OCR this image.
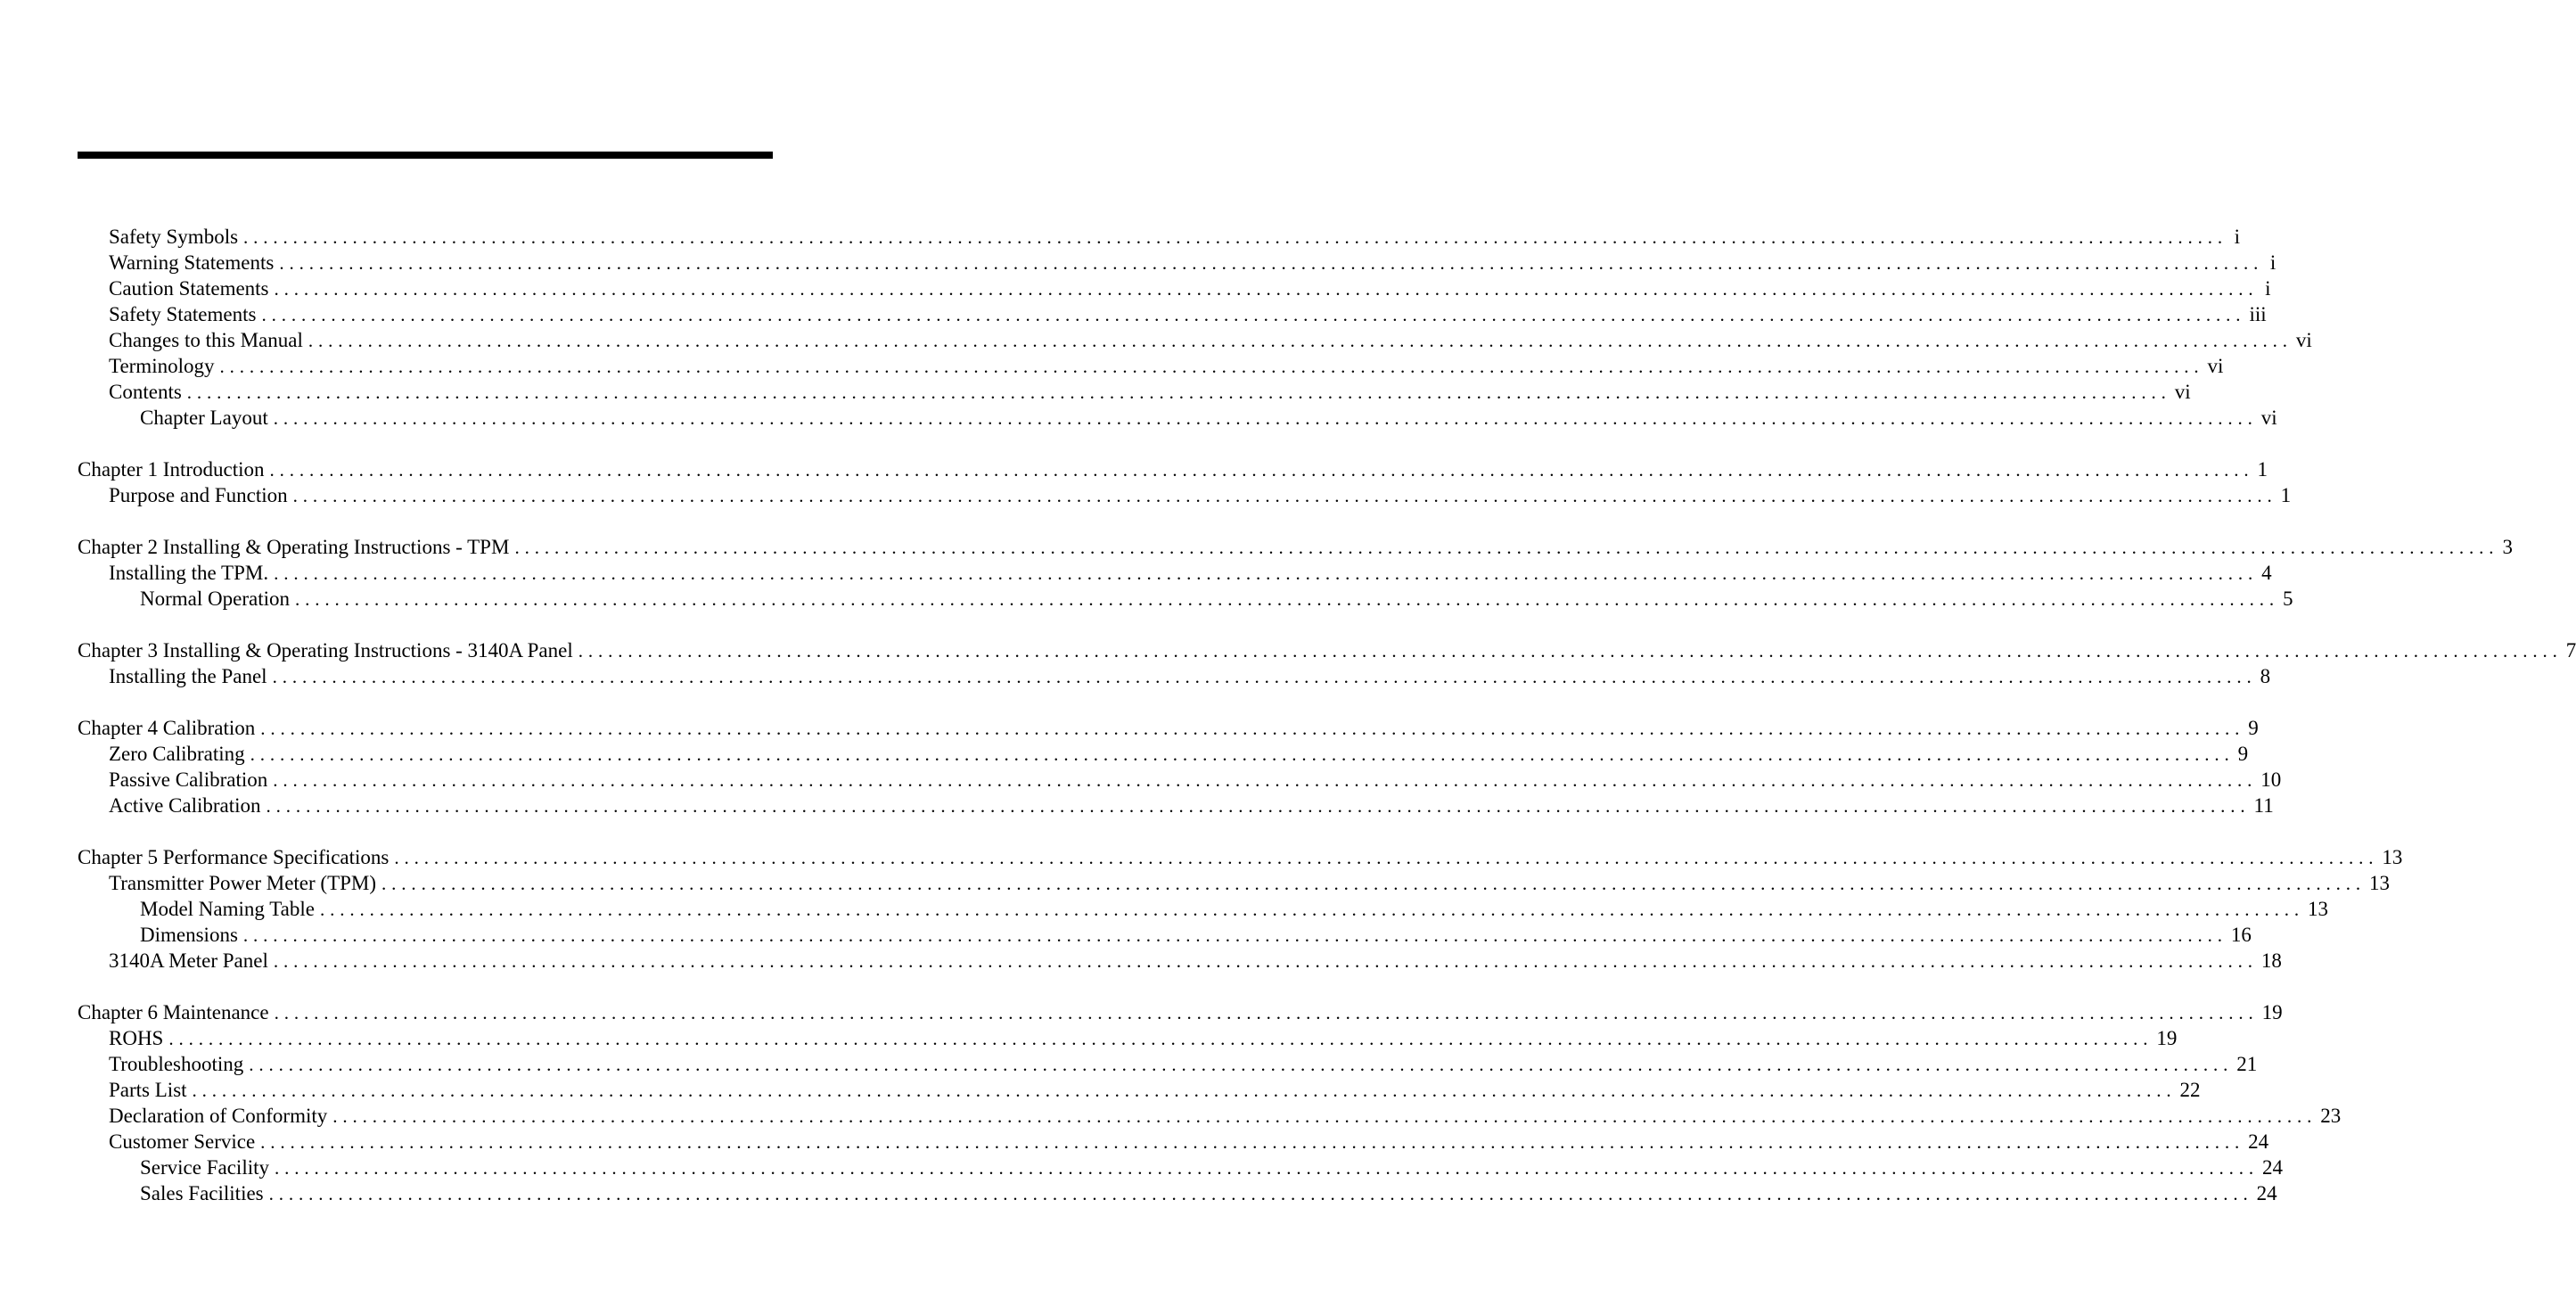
Safety Symbols ........................................................................................................................................................................................................ i
Warning Statements ........................................................................................................................................................................................................ i
Caution Statements ........................................................................................................................................................................................................ i
Safety Statements ........................................................................................................................................................................................................ iii
Changes to this Manual ........................................................................................................................................................................................................ vi
Terminology ........................................................................................................................................................................................................ vi
Contents ........................................................................................................................................................................................................ vi
Chapter Layout ........................................................................................................................................................................................................ vi
Chapter 1 Introduction ........................................................................................................................................................................................................ 1
Purpose and Function ........................................................................................................................................................................................................ 1
Chapter 2 Installing & Operating Instructions - TPM ........................................................................................................................................................................................................ 3
Installing the TPM. ........................................................................................................................................................................................................ 4
Normal Operation ........................................................................................................................................................................................................ 5
Chapter 3 Installing & Operating Instructions - 3140A Panel ........................................................................................................................................................................................................ 7
Installing the Panel ........................................................................................................................................................................................................ 8
Chapter 4 Calibration ........................................................................................................................................................................................................ 9
Zero Calibrating ........................................................................................................................................................................................................ 9
Passive Calibration ........................................................................................................................................................................................................ 10
Active Calibration ........................................................................................................................................................................................................ 11
Chapter 5 Performance Specifications ........................................................................................................................................................................................................ 13
Transmitter Power Meter (TPM) ........................................................................................................................................................................................................ 13
Model Naming Table ........................................................................................................................................................................................................ 13
Dimensions ........................................................................................................................................................................................................ 16
3140A Meter Panel ........................................................................................................................................................................................................ 18
Chapter 6 Maintenance ........................................................................................................................................................................................................ 19
ROHS ........................................................................................................................................................................................................ 19
Troubleshooting ........................................................................................................................................................................................................ 21
Parts List ........................................................................................................................................................................................................ 22
Declaration of Conformity ........................................................................................................................................................................................................ 23
Customer Service ........................................................................................................................................................................................................ 24
Service Facility ........................................................................................................................................................................................................ 24
Sales Facilities ........................................................................................................................................................................................................ 24
